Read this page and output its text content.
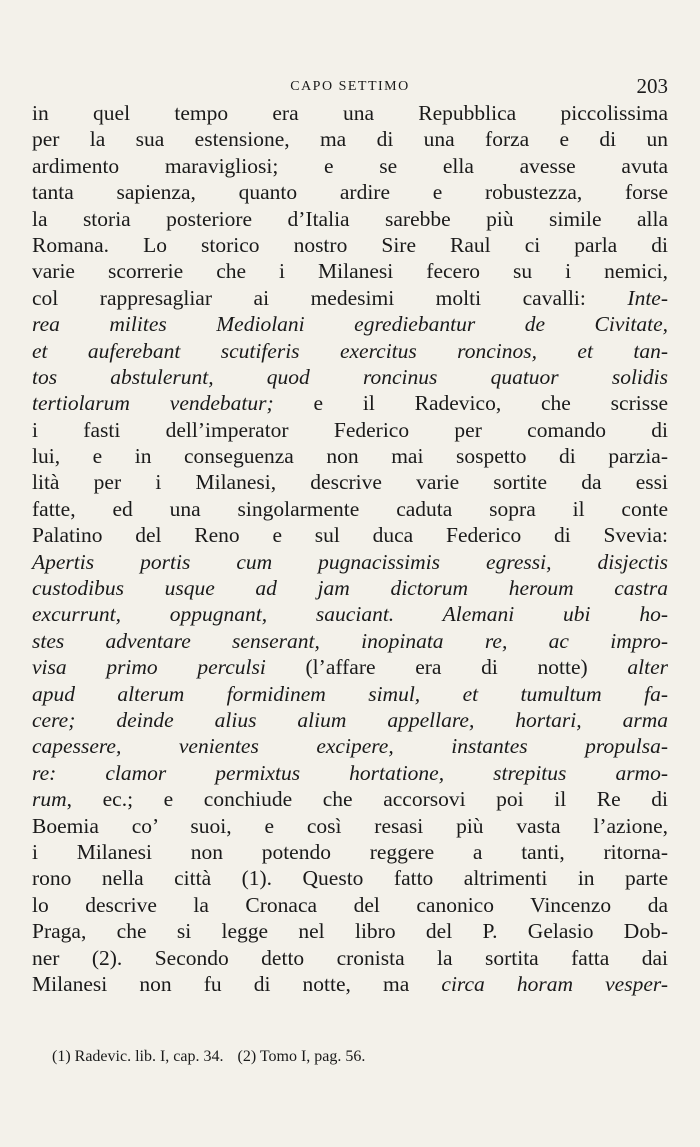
CAPO SETTIMO	203
in quel tempo era una Repubblica piccolissima
per la sua estensione, ma di una forza e di un
ardimento maravigliosi; e se ella avesse avuta
tanta sapienza, quanto ardire e robustezza, forse
la storia posteriore d’Italia sarebbe più simile alla
Romana. Lo storico nostro Sire Raul ci parla di
varie scorrerie che i Milanesi fecero su i nemici,
col rappresagliar ai medesimi molti cavalli: Inte-
rea milites Mediolani egrediebantur de Civitate,
et auferebant scutiferis exercitus roncinos, et tan-
tos abstulerunt, quod roncinus quatuor solidis
tertiolarum vendebatur; e il Radevico, che scrisse
i fasti dell’imperator Federico per comando di
lui, e in conseguenza non mai sospetto di parzia-
lità per i Milanesi, descrive varie sortite da essi
fatte, ed una singolarmente caduta sopra il conte
Palatino del Reno e sul duca Federico di Svevia:
Apertis portis cum pugnacissimis egressi, disjectis
custodibus usque ad jam dictorum heroum castra
excurrunt, oppugnant, sauciant. Alemani ubi ho-
stes adventare senserant, inopinata re, ac impro-
visa primo perculsi (l’affare era di notte) alter
apud alterum formidinem simul, et tumultum fa-
cere; deinde alius alium appellare, hortari, arma
capessere, venientes excipere, instantes propulsa-
re: clamor permixtus hortatione, strepitus armo-
rum, ec.; e conchiude che accorsovi poi il Re di
Boemia co’ suoi, e così resasi più vasta l’azione,
i Milanesi non potendo reggere a tanti, ritorna-
rono nella città (1). Questo fatto altrimenti in parte
lo descrive la Cronaca del canonico Vincenzo da
Praga, che si legge nel libro del P. Gelasio Dob-
ner (2). Secondo detto cronista la sortita fatta dai
Milanesi non fu di notte, ma circa horam vesper-
(1) Radevic. lib. I, cap. 34. (2) Tomo I, pag. 56.
